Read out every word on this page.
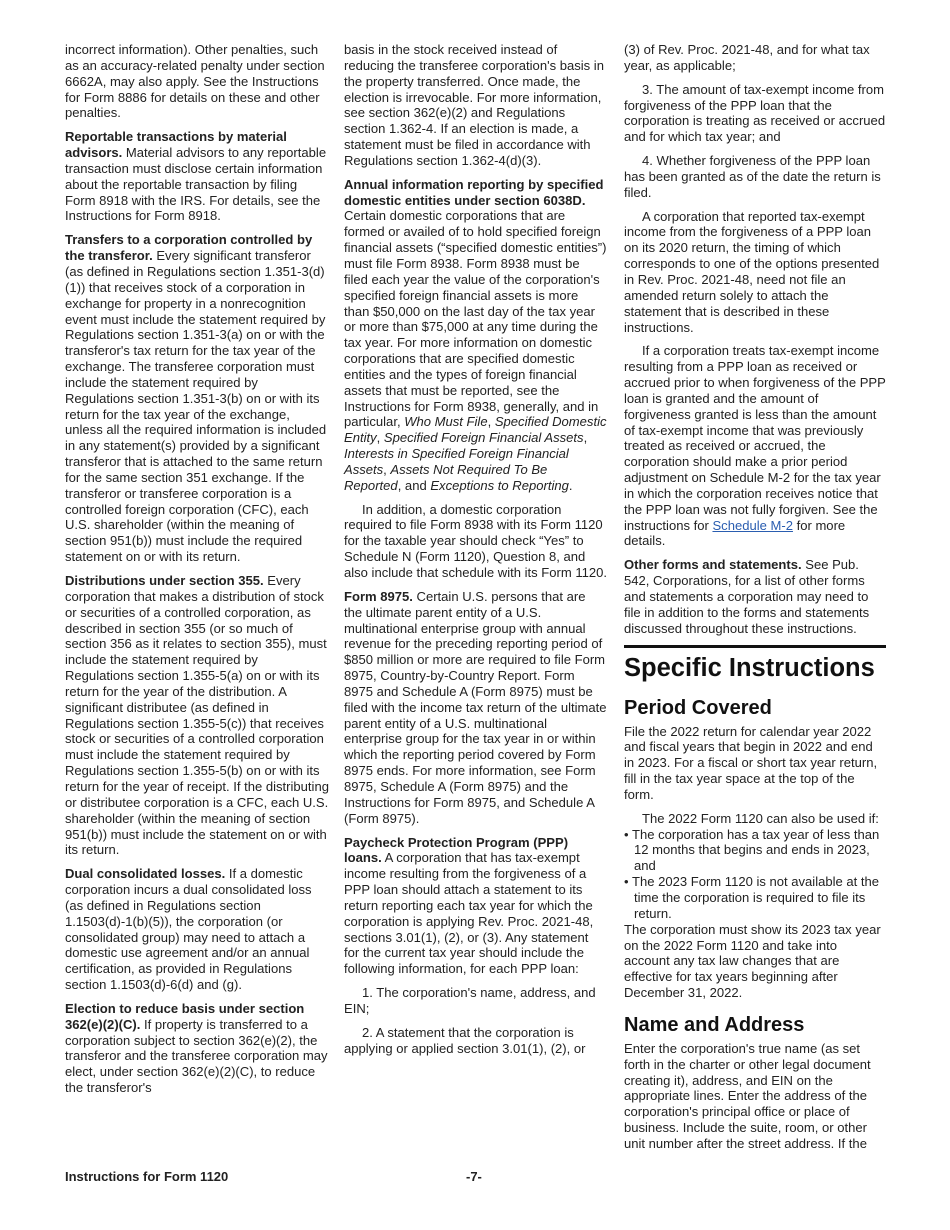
incorrect information). Other penalties, such as an accuracy-related penalty under section 6662A, may also apply. See the Instructions for Form 8886 for details on these and other penalties.

Reportable transactions by material advisors. Material advisors to any reportable transaction must disclose certain information about the reportable transaction by filing Form 8918 with the IRS. For details, see the Instructions for Form 8918.

Transfers to a corporation controlled by the transferor. Every significant transferor (as defined in Regulations section 1.351-3(d)(1)) that receives stock of a corporation in exchange for property in a nonrecognition event must include the statement required by Regulations section 1.351-3(a) on or with the transferor's tax return for the tax year of the exchange. The transferee corporation must include the statement required by Regulations section 1.351-3(b) on or with its return for the tax year of the exchange, unless all the required information is included in any statement(s) provided by a significant transferor that is attached to the same return for the same section 351 exchange. If the transferor or transferee corporation is a controlled foreign corporation (CFC), each U.S. shareholder (within the meaning of section 951(b)) must include the required statement on or with its return.

Distributions under section 355. Every corporation that makes a distribution of stock or securities of a controlled corporation, as described in section 355 (or so much of section 356 as it relates to section 355), must include the statement required by Regulations section 1.355-5(a) on or with its return for the year of the distribution. A significant distributee (as defined in Regulations section 1.355-5(c)) that receives stock or securities of a controlled corporation must include the statement required by Regulations section 1.355-5(b) on or with its return for the year of receipt. If the distributing or distributee corporation is a CFC, each U.S. shareholder (within the meaning of section 951(b)) must include the statement on or with its return.

Dual consolidated losses. If a domestic corporation incurs a dual consolidated loss (as defined in Regulations section 1.1503(d)-1(b)(5)), the corporation (or consolidated group) may need to attach a domestic use agreement and/or an annual certification, as provided in Regulations section 1.1503(d)-6(d) and (g).

Election to reduce basis under section 362(e)(2)(C). If property is transferred to a corporation subject to section 362(e)(2), the transferor and the transferee corporation may elect, under section 362(e)(2)(C), to reduce the transferor's

basis in the stock received instead of reducing the transferee corporation's basis in the property transferred. Once made, the election is irrevocable. For more information, see section 362(e)(2) and Regulations section 1.362-4. If an election is made, a statement must be filed in accordance with Regulations section 1.362-4(d)(3).

Annual information reporting by specified domestic entities under section 6038D. Certain domestic corporations that are formed or availed of to hold specified foreign financial assets (“specified domestic entities”) must file Form 8938. Form 8938 must be filed each year the value of the corporation's specified foreign financial assets is more than $50,000 on the last day of the tax year or more than $75,000 at any time during the tax year. For more information on domestic corporations that are specified domestic entities and the types of foreign financial assets that must be reported, see the Instructions for Form 8938, generally, and in particular, Who Must File, Specified Domestic Entity, Specified Foreign Financial Assets, Interests in Specified Foreign Financial Assets, Assets Not Required To Be Reported, and Exceptions to Reporting.

In addition, a domestic corporation required to file Form 8938 with its Form 1120 for the taxable year should check “Yes” to Schedule N (Form 1120), Question 8, and also include that schedule with its Form 1120.

Form 8975. Certain U.S. persons that are the ultimate parent entity of a U.S. multinational enterprise group with annual revenue for the preceding reporting period of $850 million or more are required to file Form 8975, Country-by-Country Report. Form 8975 and Schedule A (Form 8975) must be filed with the income tax return of the ultimate parent entity of a U.S. multinational enterprise group for the tax year in or within which the reporting period covered by Form 8975 ends. For more information, see Form 8975, Schedule A (Form 8975) and the Instructions for Form 8975, and Schedule A (Form 8975).

Paycheck Protection Program (PPP) loans. A corporation that has tax-exempt income resulting from the forgiveness of a PPP loan should attach a statement to its return reporting each tax year for which the corporation is applying Rev. Proc. 2021-48, sections 3.01(1), (2), or (3). Any statement for the current tax year should include the following information, for each PPP loan:

1. The corporation's name, address, and EIN;

2. A statement that the corporation is applying or applied section 3.01(1), (2), or

(3) of Rev. Proc. 2021-48, and for what tax year, as applicable;

3. The amount of tax-exempt income from forgiveness of the PPP loan that the corporation is treating as received or accrued and for which tax year; and

4. Whether forgiveness of the PPP loan has been granted as of the date the return is filed.

A corporation that reported tax-exempt income from the forgiveness of a PPP loan on its 2020 return, the timing of which corresponds to one of the options presented in Rev. Proc. 2021-48, need not file an amended return solely to attach the statement that is described in these instructions.

If a corporation treats tax-exempt income resulting from a PPP loan as received or accrued prior to when forgiveness of the PPP loan is granted and the amount of forgiveness granted is less than the amount of tax-exempt income that was previously treated as received or accrued, the corporation should make a prior period adjustment on Schedule M-2 for the tax year in which the corporation receives notice that the PPP loan was not fully forgiven. See the instructions for Schedule M-2 for more details.

Other forms and statements. See Pub. 542, Corporations, for a list of other forms and statements a corporation may need to file in addition to the forms and statements discussed throughout these instructions.

Specific Instructions
Period Covered

File the 2022 return for calendar year 2022 and fiscal years that begin in 2022 and end in 2023. For a fiscal or short tax year return, fill in the tax year space at the top of the form.

The 2022 Form 1120 can also be used if:

• The corporation has a tax year of less than 12 months that begins and ends in 2023, and

• The 2023 Form 1120 is not available at the time the corporation is required to file its return.

The corporation must show its 2023 tax year on the 2022 Form 1120 and take into account any tax law changes that are effective for tax years beginning after December 31, 2022.

Name and Address

Enter the corporation's true name (as set forth in the charter or other legal document creating it), address, and EIN on the appropriate lines. Enter the address of the corporation's principal office or place of business. Include the suite, room, or other unit number after the street address. If the

Instructions for Form 1120	-7-
